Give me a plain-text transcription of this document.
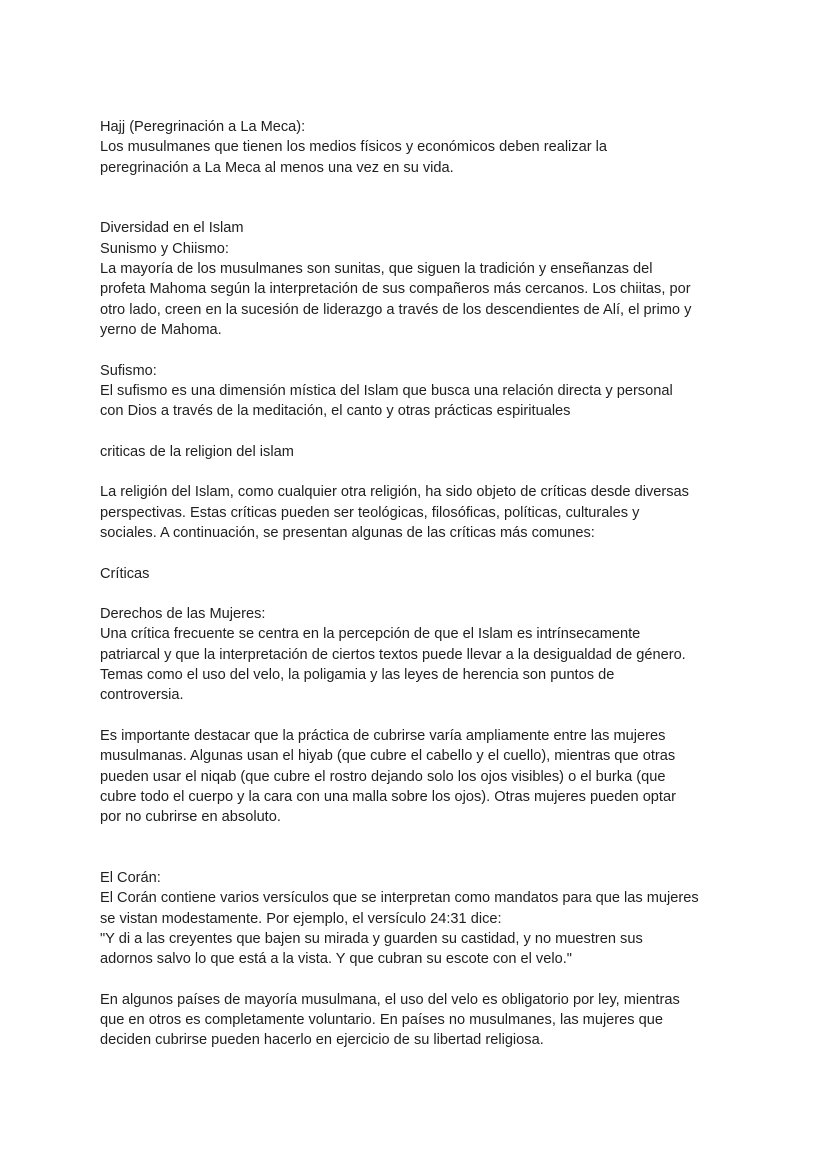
Hajj (Peregrinación a La Meca):
Los musulmanes que tienen los medios físicos y económicos deben realizar la
peregrinación a La Meca al menos una vez en su vida.
Diversidad en el Islam
Sunismo y Chiismo:
La mayoría de los musulmanes son sunitas, que siguen la tradición y enseñanzas del
profeta Mahoma según la interpretación de sus compañeros más cercanos. Los chiitas, por
otro lado, creen en la sucesión de liderazgo a través de los descendientes de Alí, el primo y
yerno de Mahoma.
Sufismo:
El sufismo es una dimensión mística del Islam que busca una relación directa y personal
con Dios a través de la meditación, el canto y otras prácticas espirituales
criticas de la religion del islam
La religión del Islam, como cualquier otra religión, ha sido objeto de críticas desde diversas
perspectivas. Estas críticas pueden ser teológicas, filosóficas, políticas, culturales y
sociales. A continuación, se presentan algunas de las críticas más comunes:
Críticas
Derechos de las Mujeres:
Una crítica frecuente se centra en la percepción de que el Islam es intrínsecamente
patriarcal y que la interpretación de ciertos textos puede llevar a la desigualdad de género.
Temas como el uso del velo, la poligamia y las leyes de herencia son puntos de
controversia.
Es importante destacar que la práctica de cubrirse varía ampliamente entre las mujeres
musulmanas. Algunas usan el hiyab (que cubre el cabello y el cuello), mientras que otras
pueden usar el niqab (que cubre el rostro dejando solo los ojos visibles) o el burka (que
cubre todo el cuerpo y la cara con una malla sobre los ojos). Otras mujeres pueden optar
por no cubrirse en absoluto.
El Corán:
El Corán contiene varios versículos que se interpretan como mandatos para que las mujeres
se vistan modestamente. Por ejemplo, el versículo 24:31 dice:
"Y di a las creyentes que bajen su mirada y guarden su castidad, y no muestren sus
adornos salvo lo que está a la vista. Y que cubran su escote con el velo."
En algunos países de mayoría musulmana, el uso del velo es obligatorio por ley, mientras
que en otros es completamente voluntario. En países no musulmanes, las mujeres que
deciden cubrirse pueden hacerlo en ejercicio de su libertad religiosa.
